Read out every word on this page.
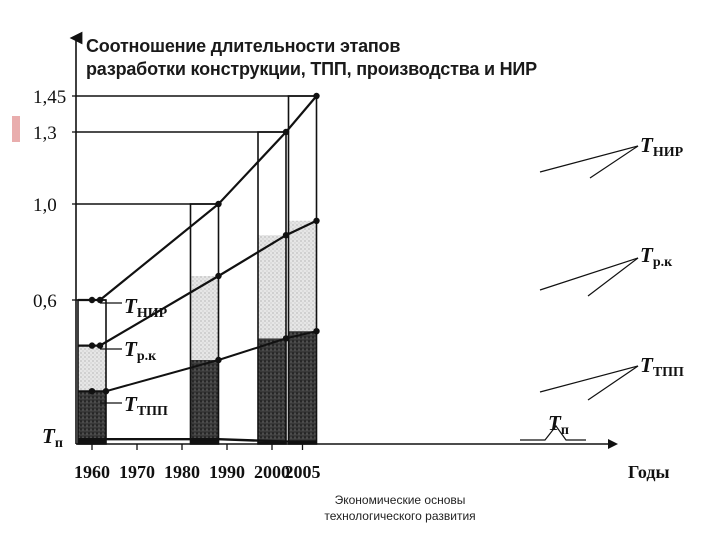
Соотношение длительности этапов
разработки конструкции, ТПП, производства и НИР
1960 1970 1980 1990 2000
2005	Годы
1,45
1,3
1,0
0,6	TНИР
Tр.к
TТПП
Tп
TНИР
Tр.к
TТПП
Tп
Экономические основы
технологического развития
